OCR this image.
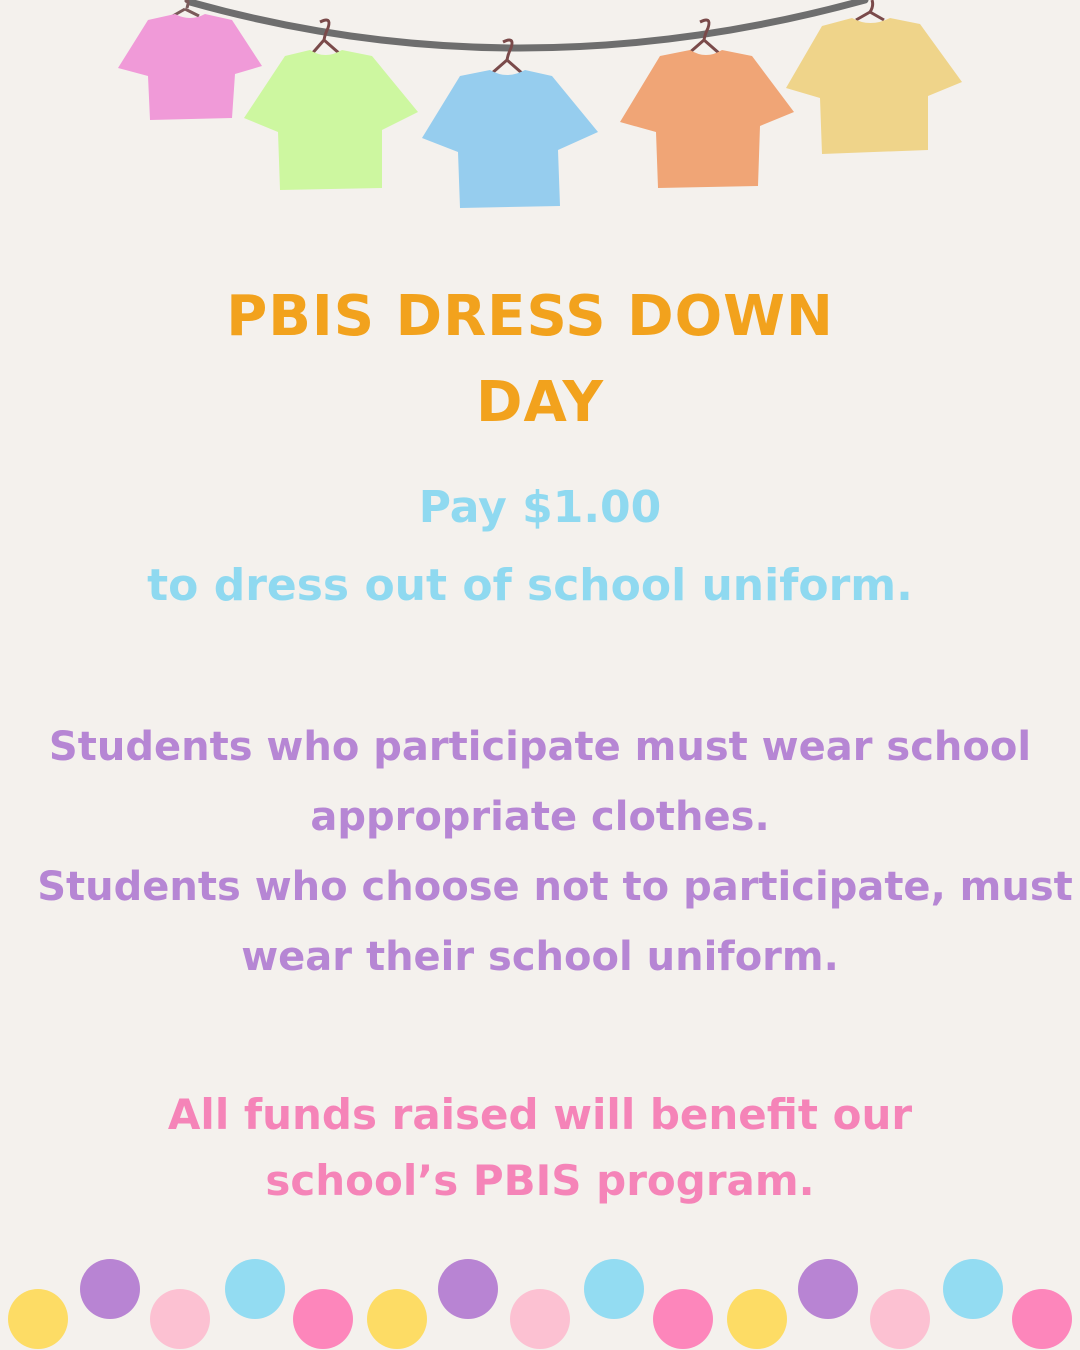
PBIS DRESS DOWN
DAY
Pay $1.00
to dress out of school uniform.
Students who participate must wear school
appropriate clothes.
Students who choose not to participate, must
wear their school uniform.
All funds raised will benefit our
school’s PBIS program.
